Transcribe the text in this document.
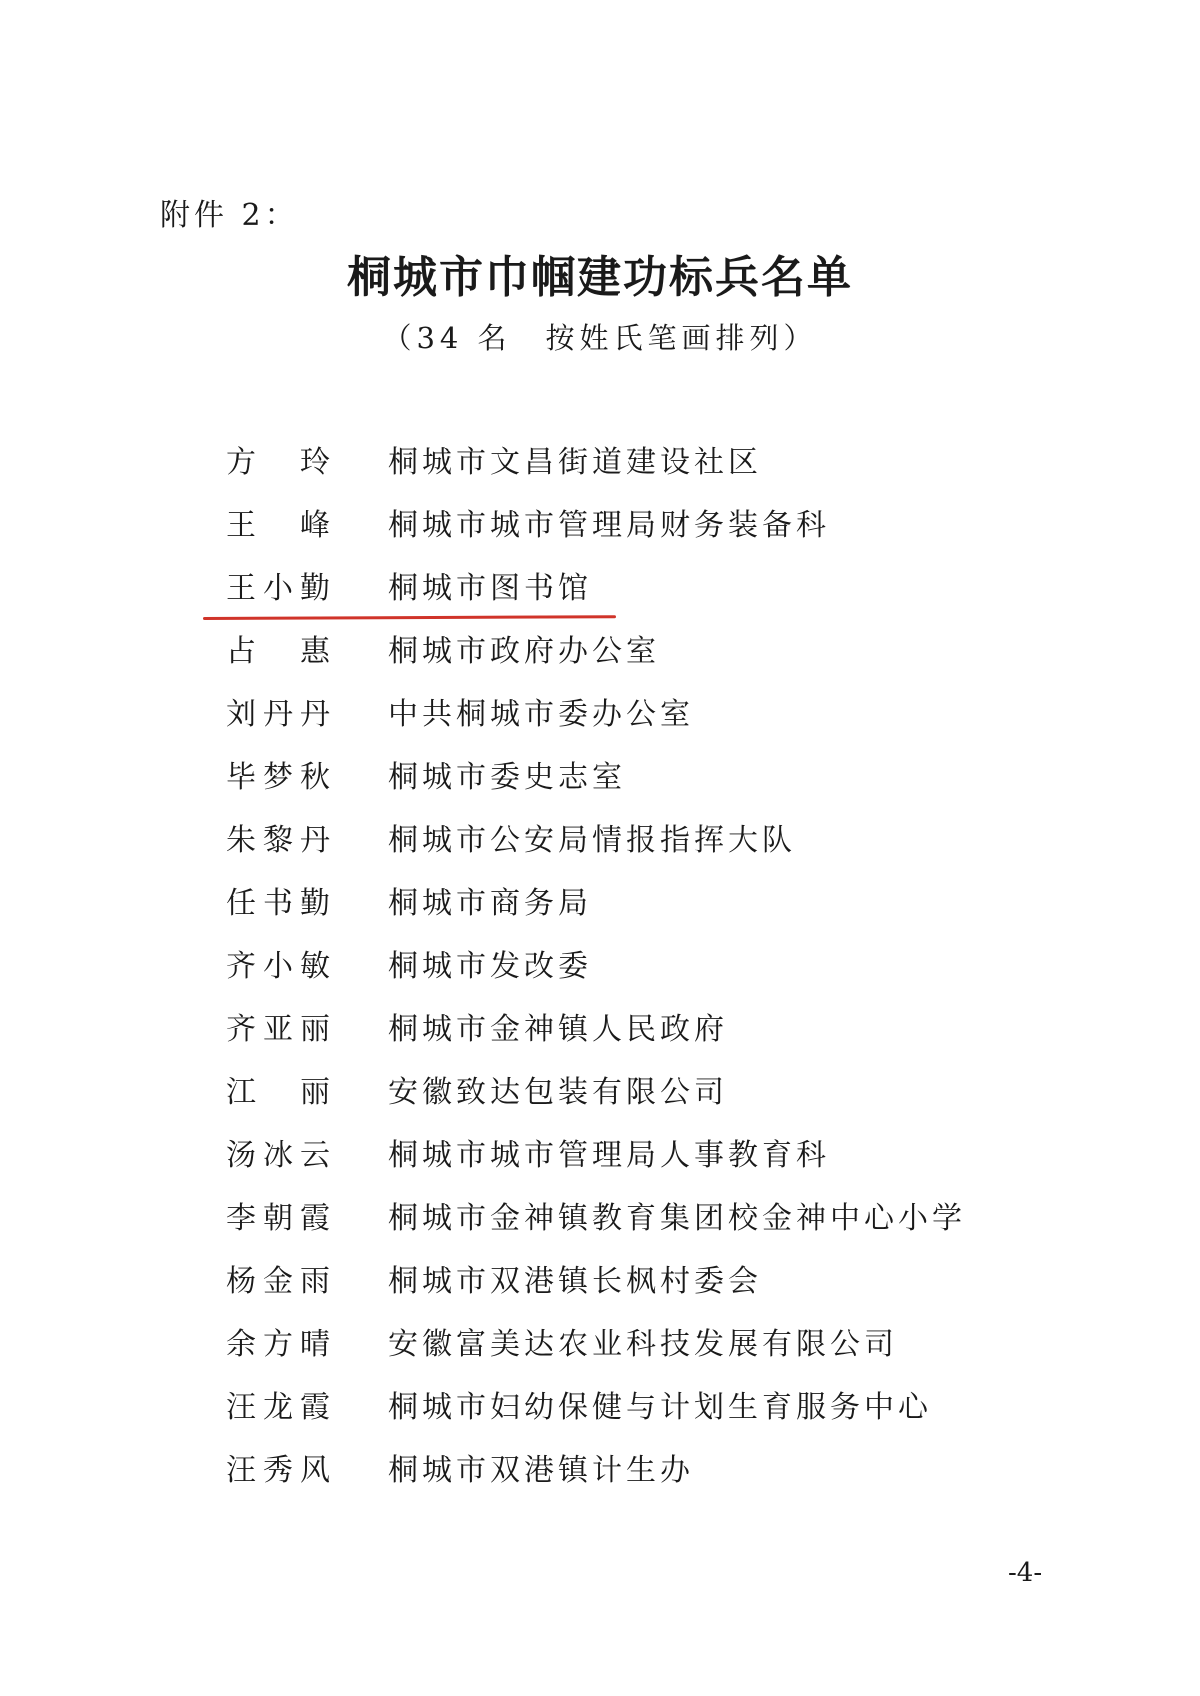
附件 2：
桐城市巾帼建功标兵名单
（34 名　按姓氏笔画排列）
方　玲	桐城市文昌街道建设社区
王　峰	桐城市城市管理局财务装备科
王小勤	桐城市图书馆
占　惠	桐城市政府办公室
刘丹丹	中共桐城市委办公室
毕梦秋	桐城市委史志室
朱黎丹	桐城市公安局情报指挥大队
任书勤	桐城市商务局
齐小敏	桐城市发改委
齐亚丽	桐城市金神镇人民政府
江　丽	安徽致达包装有限公司
汤冰云	桐城市城市管理局人事教育科
李朝霞	桐城市金神镇教育集团校金神中心小学
杨金雨	桐城市双港镇长枫村委会
余方晴	安徽富美达农业科技发展有限公司
汪龙霞	桐城市妇幼保健与计划生育服务中心
汪秀风	桐城市双港镇计生办
-4-
